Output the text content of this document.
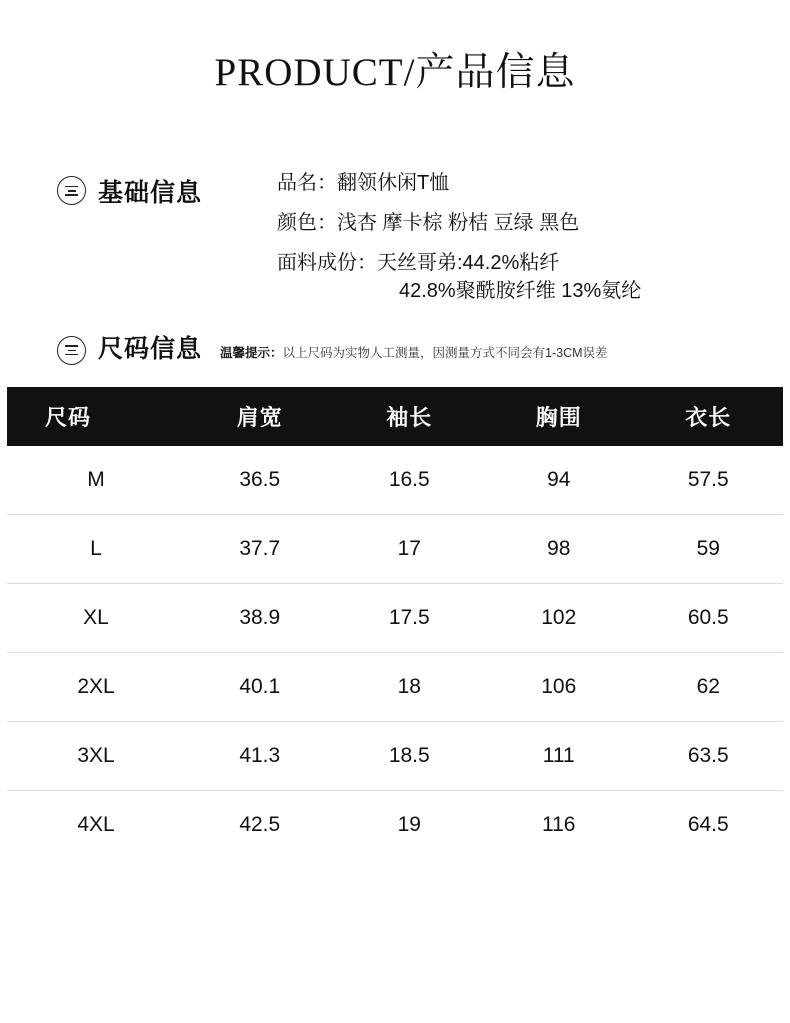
PRODUCT/产品信息
基础信息	品名：翻领休闲T恤
颜色：浅杏 摩卡棕 粉桔 豆绿 黑色
面料成份：天丝哥弟:44.2%粘纤
42.8%聚酰胺纤维 13%氨纶
尺码信息 温馨提示：以上尺码为实物人工测量，因测量方式不同会有1-3CM误差
尺码	肩宽	袖长	胸围	衣长
M	36.5	16.5	94	57.5
L	37.7	17	98	59
XL	38.9	17.5	102	60.5
2XL	40.1	18	106	62
3XL	41.3	18.5	111	63.5
4XL	42.5	19	116	64.5
